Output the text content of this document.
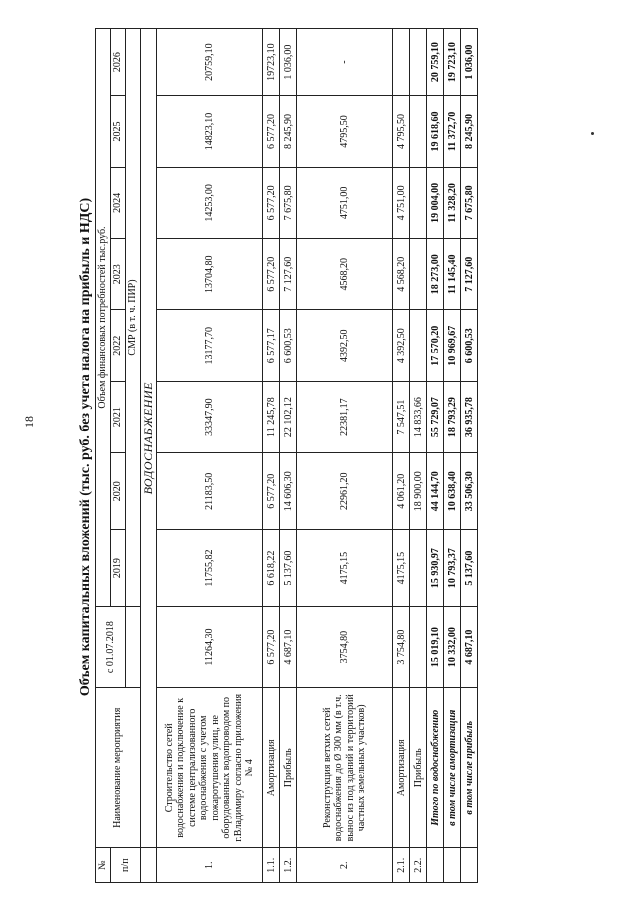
18	Объем капитальных вложений (тыс. руб. без учета налога на прибыль и НДС)
№	Наименование мероприятия	с 01.07.2018	Объем финансовых потребностей тыс.руб.							
п/п			2019	2020	2021	2022	2023	2024	2025	2026
			СМР (в т. ч. ПИР)							
	ВОДОСНАБЖЕНИЕ									
1.	Строительство сетей водоснабжения и подключение к системе централизованного водоснабжения с учетом пожаротушения улиц, не оборудованных водопроводом по г.Владимиру согласно приложения № 4	11264,30	11755,82	21183,50	33347,90	13177,70	13704,80	14253,00	14823,10	20759,10
1.1.	Амортизация	6 577,20	6 618,22	6 577,20	11 245,78	6 577,17	6 577,20	6 577,20	6 577,20	19723,10
1.2.	Прибыль	4 687,10	5 137,60	14 606,30	22 102,12	6 600,53	7 127,60	7 675,80	8 245,90	1 036,00
2.	Реконструкция ветхих сетей водоснабжения до Ø 300 мм (в т.ч. вынос из под зданий и территорий частных земельных участков)	3754,80	4175,15	22961,20	22381,17	4392,50	4568,20	4751,00	4795,50	-
2.1.	Амортизация	3 754,80	4175,15	4 061,20	7 547,51	4 392,50	4 568,20	4 751,00	4 795,50	
2.2.	Прибыль			18 900,00	14 833,66					
	Итого по водоснабжению	15 019,10	15 930,97	44 144,70	55 729,07	17 570,20	18 273,00	19 004,00	19 618,60	20 759,10
	в том числе амортизация	10 332,00	10 793,37	10 638,40	18 793,29	10 969,67	11 145,40	11 328,20	11 372,70	19 723,10
	в том числе прибыль	4 687,10	5 137,60	33 506,30	36 935,78	6 600,53	7 127,60	7 675,80	8 245,90	1 036,00
